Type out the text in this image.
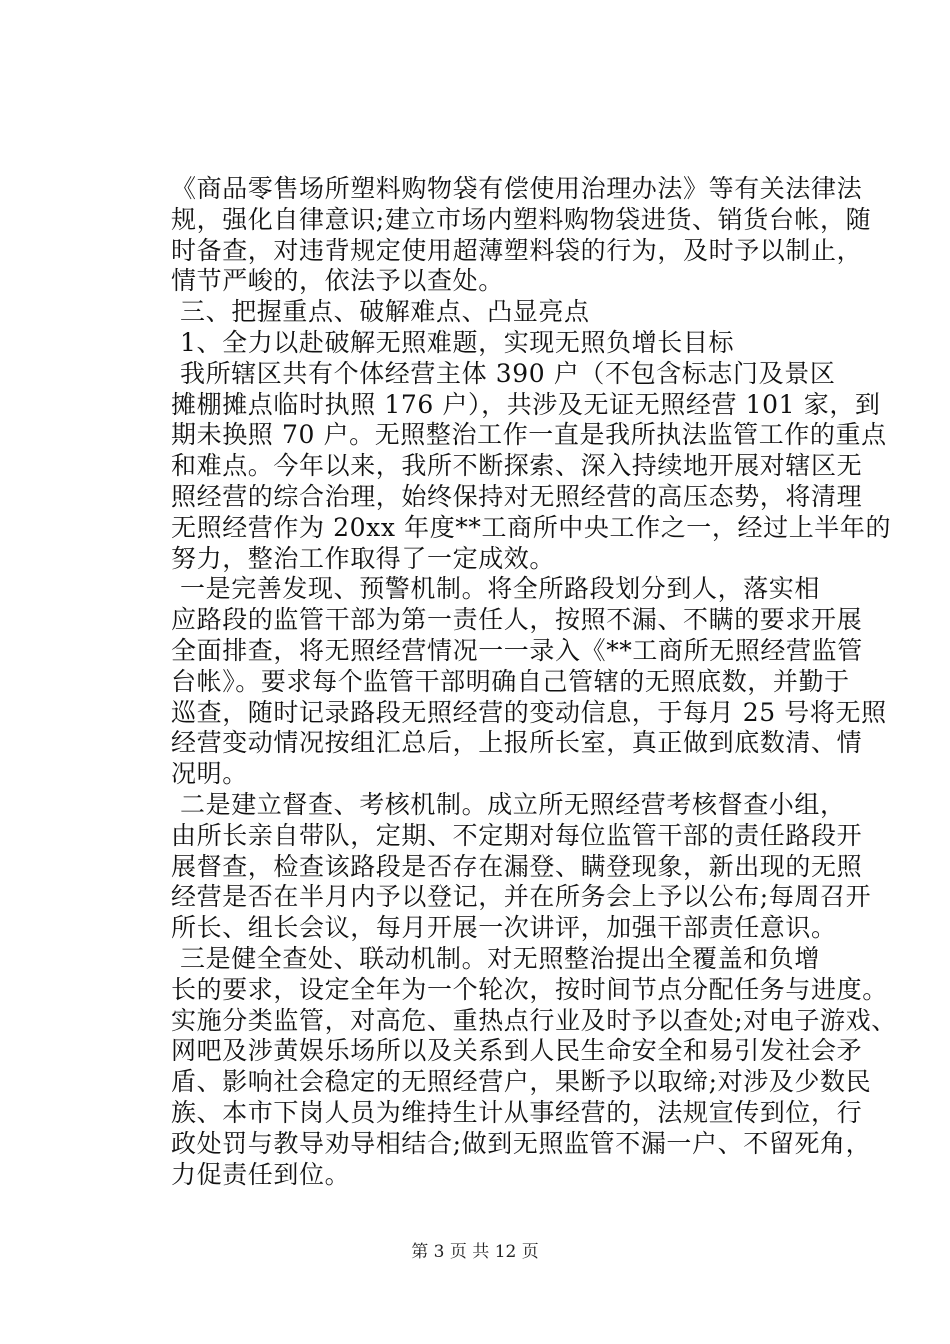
《商品零售场所塑料购物袋有偿使用治理办法》等有关法律法
规，强化自律意识;建立市场内塑料购物袋进货、销货台帐，随
时备查，对违背规定使用超薄塑料袋的行为，及时予以制止，
情节严峻的，依法予以查处。
三、把握重点、破解难点、凸显亮点
1、全力以赴破解无照难题，实现无照负增长目标
我所辖区共有个体经营主体 390 户（不包含标志门及景区
摊棚摊点临时执照 176 户），共涉及无证无照经营 101 家，到
期未换照 70 户。无照整治工作一直是我所执法监管工作的重点
和难点。今年以来，我所不断探索、深入持续地开展对辖区无
照经营的综合治理，始终保持对无照经营的高压态势，将清理
无照经营作为 20xx 年度**工商所中央工作之一，经过上半年的
努力，整治工作取得了一定成效。
一是完善发现、预警机制。将全所路段划分到人，落实相
应路段的监管干部为第一责任人，按照不漏、不瞒的要求开展
全面排查，将无照经营情况一一录入《**工商所无照经营监管
台帐》。要求每个监管干部明确自己管辖的无照底数，并勤于
巡查，随时记录路段无照经营的变动信息，于每月 25 号将无照
经营变动情况按组汇总后，上报所长室，真正做到底数清、情
况明。
二是建立督查、考核机制。成立所无照经营考核督查小组，
由所长亲自带队，定期、不定期对每位监管干部的责任路段开
展督查，检查该路段是否存在漏登、瞒登现象，新出现的无照
经营是否在半月内予以登记，并在所务会上予以公布;每周召开
所长、组长会议，每月开展一次讲评，加强干部责任意识。
三是健全查处、联动机制。对无照整治提出全覆盖和负增
长的要求，设定全年为一个轮次，按时间节点分配任务与进度。
实施分类监管，对高危、重热点行业及时予以查处;对电子游戏、
网吧及涉黄娱乐场所以及关系到人民生命安全和易引发社会矛
盾、影响社会稳定的无照经营户，果断予以取缔;对涉及少数民
族、本市下岗人员为维持生计从事经营的，法规宣传到位，行
政处罚与教导劝导相结合;做到无照监管不漏一户、不留死角，
力促责任到位。
第 3 页 共 12 页
